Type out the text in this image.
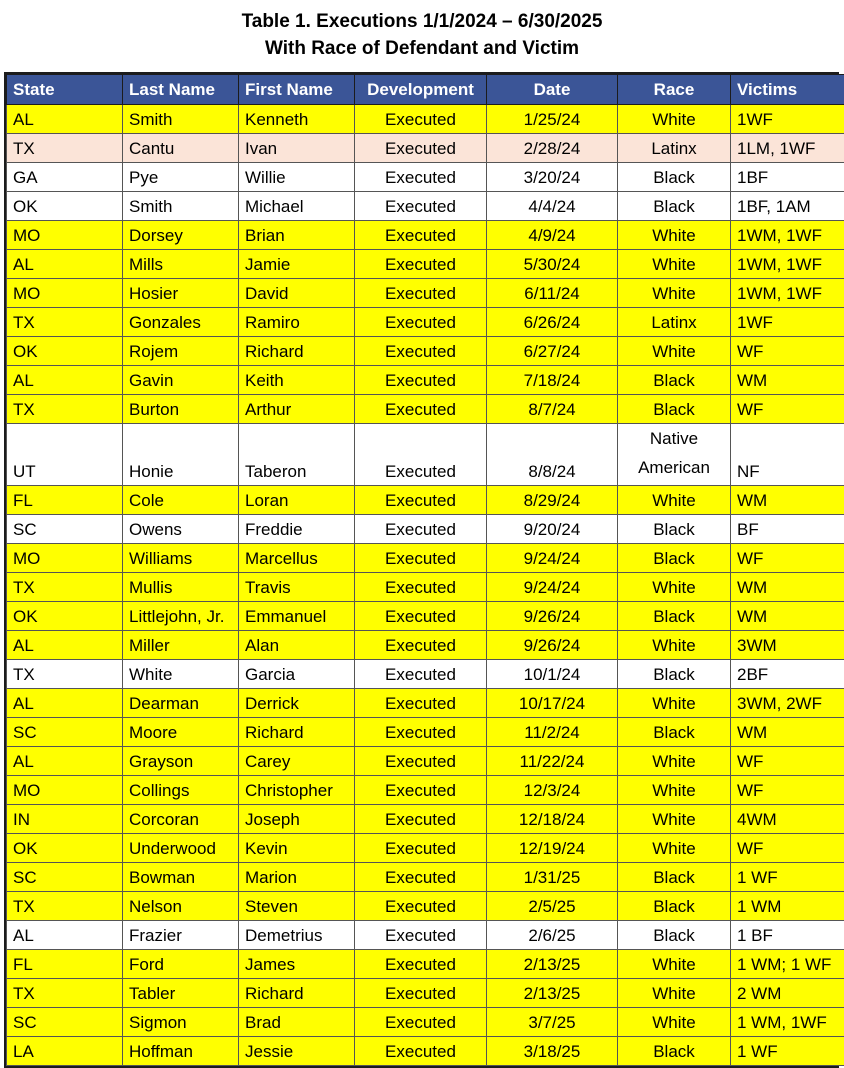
Table 1. Executions 1/1/2024 – 6/30/2025
With Race of Defendant and Victim
State	Last Name	First Name	Development	Date	Race	Victims
AL	Smith	Kenneth	Executed	1/25/24	White	1WF
TX	Cantu	Ivan	Executed	2/28/24	Latinx	1LM, 1WF
GA	Pye	Willie	Executed	3/20/24	Black	1BF
OK	Smith	Michael	Executed	4/4/24	Black	1BF, 1AM
MO	Dorsey	Brian	Executed	4/9/24	White	1WM, 1WF
AL	Mills	Jamie	Executed	5/30/24	White	1WM, 1WF
MO	Hosier	David	Executed	6/11/24	White	1WM, 1WF
TX	Gonzales	Ramiro	Executed	6/26/24	Latinx	1WF
OK	Rojem	Richard	Executed	6/27/24	White	WF
AL	Gavin	Keith	Executed	7/18/24	Black	WM
TX	Burton	Arthur	Executed	8/7/24	Black	WF
UT	Honie	Taberon	Executed	8/8/24	Native American	NF
FL	Cole	Loran	Executed	8/29/24	White	WM
SC	Owens	Freddie	Executed	9/20/24	Black	BF
MO	Williams	Marcellus	Executed	9/24/24	Black	WF
TX	Mullis	Travis	Executed	9/24/24	White	WM
OK	Littlejohn, Jr.	Emmanuel	Executed	9/26/24	Black	WM
AL	Miller	Alan	Executed	9/26/24	White	3WM
TX	White	Garcia	Executed	10/1/24	Black	2BF
AL	Dearman	Derrick	Executed	10/17/24	White	3WM, 2WF
SC	Moore	Richard	Executed	11/2/24	Black	WM
AL	Grayson	Carey	Executed	11/22/24	White	WF
MO	Collings	Christopher	Executed	12/3/24	White	WF
IN	Corcoran	Joseph	Executed	12/18/24	White	4WM
OK	Underwood	Kevin	Executed	12/19/24	White	WF
SC	Bowman	Marion	Executed	1/31/25	Black	1 WF
TX	Nelson	Steven	Executed	2/5/25	Black	1 WM
AL	Frazier	Demetrius	Executed	2/6/25	Black	1 BF
FL	Ford	James	Executed	2/13/25	White	1 WM; 1 WF
TX	Tabler	Richard	Executed	2/13/25	White	2 WM
SC	Sigmon	Brad	Executed	3/7/25	White	1 WM, 1WF
LA	Hoffman	Jessie	Executed	3/18/25	Black	1 WF
